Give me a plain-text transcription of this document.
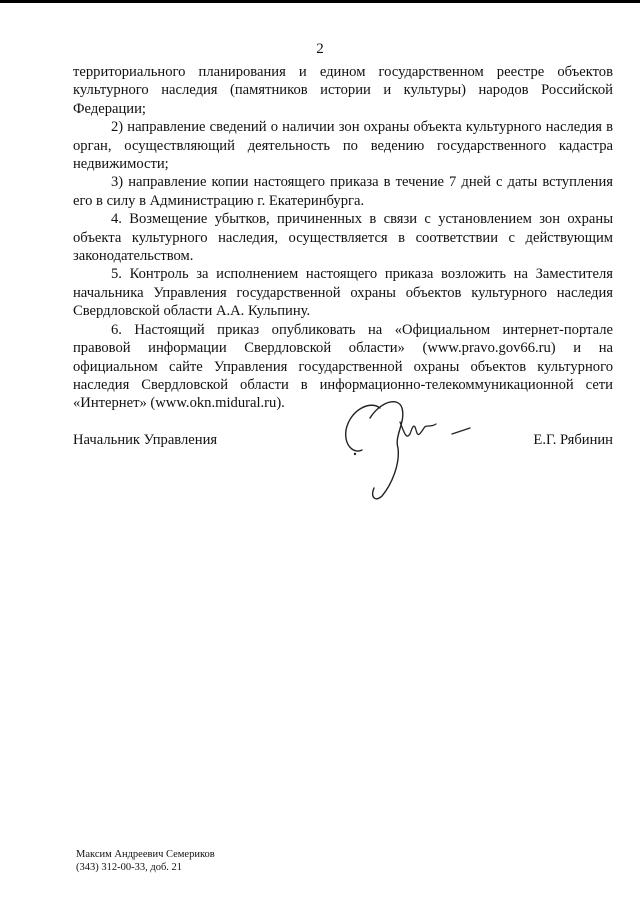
2

территориального планирования и едином государственном реестре объектов культурного наследия (памятников истории и культуры) народов Российской Федерации;

2) направление сведений о наличии зон охраны объекта культурного наследия в орган, осуществляющий деятельность по ведению государственного кадастра недвижимости;

3) направление копии настоящего приказа в течение 7 дней с даты вступления его в силу в Администрацию г. Екатеринбурга.

4. Возмещение убытков, причиненных в связи с установлением зон охраны объекта культурного наследия, осуществляется в соответствии с действующим законодательством.

5. Контроль за исполнением настоящего приказа возложить на Заместителя начальника Управления государственной охраны объектов культурного наследия Свердловской области А.А. Кульпину.

6. Настоящий приказ опубликовать на «Официальном интернет-портале правовой информации Свердловской области» (www.pravo.gov66.ru) и на официальном сайте Управления государственной охраны объектов культурного наследия Свердловской области в информационно-телекоммуникационной сети «Интернет» (www.okn.midural.ru).

Начальник Управления	Е.Г. Рябинин
Максим Андреевич Семериков
(343) 312-00-33, доб. 21
